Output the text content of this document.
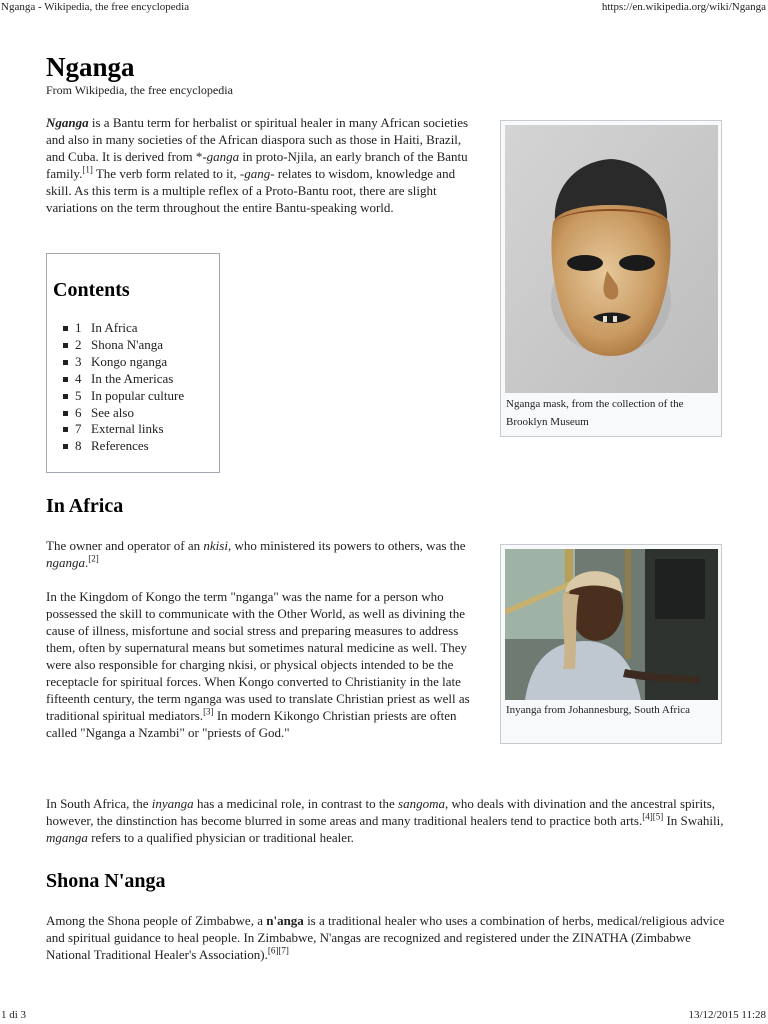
Nganga - Wikipedia, the free encyclopedia	https://en.wikipedia.org/wiki/Nganga
Nganga
From Wikipedia, the free encyclopedia

Nganga is a Bantu term for herbalist or spiritual healer in many African societies and also in many societies of the African diaspora such as those in Haiti, Brazil, and Cuba. It is derived from *-ganga in proto-Njila, an early branch of the Bantu family.[1] The verb form related to it, -gang- relates to wisdom, knowledge and skill. As this term is a multiple reflex of a Proto-Bantu root, there are slight variations on the term throughout the entire Bantu-speaking world.

Contents
1 In Africa
2 Shona N'anga
3 Kongo nganga
4 In the Americas
5 In popular culture
6 See also
7 External links
8 References
Nganga mask, from the collection of the Brooklyn Museum
In Africa

The owner and operator of an nkisi, who ministered its powers to others, was the nganga.[2]

In the Kingdom of Kongo the term "nganga" was the name for a person who possessed the skill to communicate with the Other World, as well as divining the cause of illness, misfortune and social stress and preparing measures to address them, often by supernatural means but sometimes natural medicine as well. They were also responsible for charging nkisi, or physical objects intended to be the receptacle for spiritual forces. When Kongo converted to Christianity in the late fifteenth century, the term nganga was used to translate Christian priest as well as traditional spiritual mediators.[3] In modern Kikongo Christian priests are often called "Nganga a Nzambi" or "priests of God."

Inyanga from Johannesburg, South Africa

In South Africa, the inyanga has a medicinal role, in contrast to the sangoma, who deals with divination and the ancestral spirits, however, the dinstinction has become blurred in some areas and many traditional healers tend to practice both arts.[4][5] In Swahili, mganga refers to a qualified physician or traditional healer.

Shona N'anga

Among the Shona people of Zimbabwe, a n'anga is a traditional healer who uses a combination of herbs, medical/religious advice and spiritual guidance to heal people. In Zimbabwe, N'angas are recognized and registered under the ZINATHA (Zimbabwe National Traditional Healer's Association).[6][7]

1 di 3	13/12/2015 11:28
